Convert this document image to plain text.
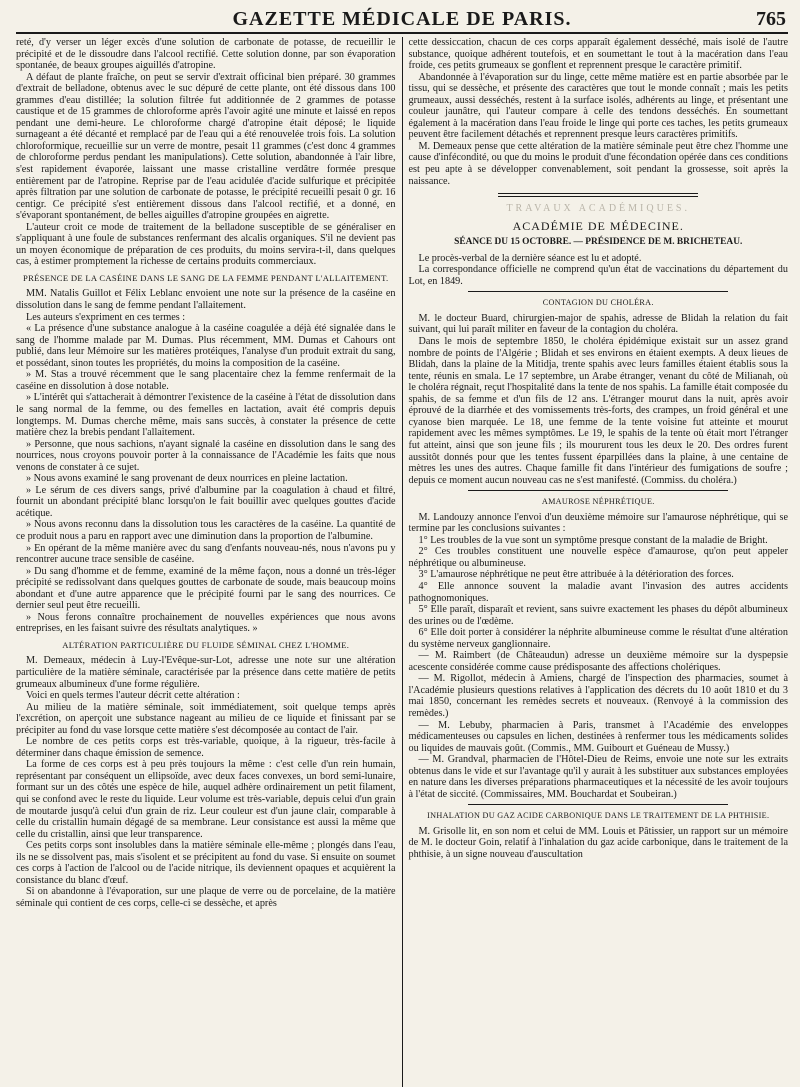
GAZETTE MÉDICALE DE PARIS.	765

reté, d'y verser un léger excès d'une solution de carbonate de potasse, de recueillir le précipité et de le dissoudre dans l'alcool rectifié. Cette solution donne, par son évaporation spontanée, de beaux groupes aiguillés d'atropine.

A défaut de plante fraîche, on peut se servir d'extrait officinal bien préparé. 30 grammes d'extrait de belladone, obtenus avec le suc dépuré de cette plante, ont été dissous dans 100 grammes d'eau distillée; la solution filtrée fut additionnée de 2 grammes de potasse caustique et de 15 grammes de chloroforme après l'avoir agité une minute et laissé en repos pendant une demi-heure. Le chloroforme chargé d'atropine était déposé; le liquide surnageant a été décanté et remplacé par de l'eau qui a été renouvelée trois fois. La solution chloroformique, recueillie sur un verre de montre, pesait 11 grammes (c'est donc 4 grammes de chloroforme perdus pendant les manipulations). Cette solution, abandonnée à l'air libre, s'est rapidement évaporée, laissant une masse cristalline verdâtre formée presque entièrement par de l'atropine. Reprise par de l'eau aciduléе d'acide sulfurique et précipitée après filtration par une solution de carbonate de potasse, le précipité recueilli pesait 0 gr. 16 centigr. Ce précipité s'est entièrement dissous dans l'alcool rectifié, et a donné, en s'évaporant spontanément, de belles aiguilles d'atropine groupées en aigrette.

L'auteur croit ce mode de traitement de la belladone susceptible de se généraliser en s'appliquant à une foule de substances renfermant des alcalis organiques. S'il ne devient pas un moyen économique de préparation de ces produits, du moins servira-t-il, dans quelques cas, à estimer promptement la richesse de certains produits commerciaux.

PRÉSENCE DE LA CASÉINE DANS LE SANG DE LA FEMME PENDANT L'ALLAITEMENT.

MM. Natalis Guillot et Félix Leblanc envoient une note sur la présence de la caséine en dissolution dans le sang de femme pendant l'allaitement.

Les auteurs s'expriment en ces termes :

« La présence d'une substance analogue à la caséine coagulée a déjà été signalée dans le sang de l'homme malade par M. Dumas. Plus récemment, MM. Dumas et Cahours ont publié, dans leur Mémoire sur les matières protéiques, l'analyse d'un produit extrait du sang, et possédant, sinon toutes les propriétés, du moins la composition de la caséine.

» M. Stas a trouvé récemment que le sang placentaire chez la femme renfermait de la caséine en dissolution à dose notable.

» L'intérêt qui s'attacherait à démontrer l'existence de la caséine à l'état de dissolution dans le sang normal de la femme, ou des femelles en lactation, avait été compris depuis longtemps. M. Dumas cherche même, mais sans succès, à constater la présence de cette matière chez la brebis pendant l'allaitement.

» Personne, que nous sachions, n'ayant signalé la caséine en dissolution dans le sang des nourrices, nous croyons pouvoir porter à la connaissance de l'Académie les faits que nous venons de constater à ce sujet.

» Nous avons examiné le sang provenant de deux nourrices en pleine lactation.

» Le sérum de ces divers sangs, privé d'albumine par la coagulation à chaud et filtré, fournit un abondant précipité blanc lorsqu'on le fait bouillir avec quelques gouttes d'acide acétique.

» Nous avons reconnu dans la dissolution tous les caractères de la caséine. La quantité de ce produit nous a paru en rapport avec une diminution dans la proportion de l'albumine.

» En opérant de la même manière avec du sang d'enfants nouveau-nés, nous n'avons pu y rencontrer aucune trace sensible de caséine.

» Du sang d'homme et de femme, examiné de la même façon, nous a donné un très-léger précipité se redissolvant dans quelques gouttes de carbonate de soude, mais beaucoup moins abondant et d'une autre apparence que le précipité fourni par le sang des nourrices. Ce dernier seul peut être recueilli.

» Nous ferons connaître prochainement de nouvelles expériences que nous avons entreprises, en les faisant suivre des résultats analytiques. »

ALTÉRATION PARTICULIÈRE DU FLUIDE SÉMINAL CHEZ L'HOMME.

M. Demeaux, médecin à Luy-l'Evêque-sur-Lot, adresse une note sur une altération particulière de la matière séminale, caractérisée par la présence dans cette matière de petits grumeaux albumineux d'une forme régulière.

Voici en quels termes l'auteur décrit cette altération :

Au milieu de la matière séminale, soit immédiatement, soit quelque temps après l'excrétion, on aperçoit une substance nageant au milieu de ce liquide et finissant par se précipiter au fond du vase lorsque cette matière s'est décomposée au contact de l'air.

Le nombre de ces petits corps est très-variable, quoique, à la rigueur, très-facile à déterminer dans chaque émission de semence.

La forme de ces corps est à peu près toujours la même : c'est celle d'un rein humain, représentant par conséquent un ellipsoïde, avec deux faces convexes, un bord semi-lunaire, formant sur un des côtés une espèce de hile, auquel adhère ordinairement un petit filament, qui se confond avec le reste du liquide. Leur volume est très-variable, depuis celui d'un grain de moutarde jusqu'à celui d'un grain de riz. Leur couleur est d'un jaune clair, comparable à celle du cristallin humain dégagé de sa membrane. Leur consistance est aussi la même que celle du cristallin, ainsi que leur transparence.

Ces petits corps sont insolubles dans la matière séminale elle-même ; plongés dans l'eau, ils ne se dissolvent pas, mais s'isolent et se précipitent au fond du vase. Si ensuite on soumet ces corps à l'action de l'alcool ou de l'acide nitrique, ils deviennent opaques et acquièrent la consistance du blanc d'œuf.

Si on abandonne à l'évaporation, sur une plaque de verre ou de porcelaine, de la matière séminale qui contient de ces corps, celle-ci se dessèche, et après

cette dessiccation, chacun de ces corps apparaît également desséché, mais isolé de l'autre substance, quoique adhérent toutefois, et en soumettant le tout à la macération dans l'eau froide, ces petits grumeaux se gonflent et reprennent presque le caractère primitif.

Abandonnée à l'évaporation sur du linge, cette même matière est en partie absorbée par le tissu, qui se dessèche, et présente des caractères que tout le monde connaît ; mais les petits grumeaux, aussi desséchés, restent à la surface isolés, adhérents au linge, et présentant une couleur jaunâtre, qui l'auteur compare à celle des tendons desséchés. En soumettant également à la macération dans l'eau froide le linge qui porte ces taches, les petits grumeaux peuvent être facilement détachés et reprennent presque leurs caractères primitifs.

M. Demeaux pense que cette altération de la matière séminale peut être chez l'homme une cause d'infécondité, ou que du moins le produit d'une fécondation opérée dans ces conditions est peu apte à se développer convenablement, soit pendant la grossesse, soit après la naissance.

TRAVAUX ACADÉMIQUES.
ACADÉMIE DE MÉDECINE.
SÉANCE DU 15 OCTOBRE. — PRÉSIDENCE DE M. BRICHETEAU.

Le procès-verbal de la dernière séance est lu et adopté.

La correspondance officielle ne comprend qu'un état de vaccinations du département du Lot, en 1849.

CONTAGION DU CHOLÉRA.

M. le docteur Buard, chirurgien-major de spahis, adresse de Blidah la relation du fait suivant, qui lui paraît militer en faveur de la contagion du choléra.

Dans le mois de septembre 1850, le choléra épidémique existait sur un assez grand nombre de points de l'Algérie ; Blidah et ses environs en étaient exempts. A deux lieues de Blidah, dans la plaine de la Mitidja, trente spahis avec leurs familles étaient établis sous la tente, réunis en smala. Le 17 septembre, un Arabe étranger, venant du côté de Milianah, où le choléra régnait, reçut l'hospitalité dans la tente de nos spahis. La famille était composée du spahis, de sa femme et d'un fils de 12 ans. L'étranger mourut dans la nuit, après avoir éprouvé de la diarrhée et des vomissements très-forts, des crampes, un froid général et une cyanose bien marquée. Le 18, une femme de la tente voisine fut atteinte et mourut rapidement avec les mêmes symptômes. Le 19, le spahis de la tente où était mort l'étranger fut atteint, ainsi que son jeune fils ; ils moururent tous les deux le 20. Des ordres furent aussitôt donnés pour que les tentes fussent éparpillées dans la plaine, à une centaine de mètres les unes des autres. Chaque famille fit dans l'intérieur des fumigations de soufre ; depuis ce moment aucun nouveau cas ne s'est manifesté. (Commiss. du choléra.)

AMAUROSE NÉPHRÉTIQUE.

M. Landouzy annonce l'envoi d'un deuxième mémoire sur l'amaurose néphrétique, qui se termine par les conclusions suivantes :

1° Les troubles de la vue sont un symptôme presque constant de la maladie de Bright.

2° Ces troubles constituent une nouvelle espèce d'amaurose, qu'on peut appeler néphrétique ou albumineuse.

3° L'amaurose néphrétique ne peut être attribuée à la détérioration des forces.

4° Elle annonce souvent la maladie avant l'invasion des autres accidents pathognomoniques.

5° Elle paraît, disparaît et revient, sans suivre exactement les phases du dépôt albumineux des urines ou de l'œdème.

6° Elle doit porter à considérer la néphrite albumineuse comme le résultat d'une altération du système nerveux ganglionnaire.

— M. Raimbert (de Châteaudun) adresse un deuxième mémoire sur la dyspepsie acescente considérée comme cause prédisposante des affections cholériques.

— M. Rigollot, médecin à Amiens, chargé de l'inspection des pharmacies, soumet à l'Académie plusieurs questions relatives à l'application des décrets du 10 août 1810 et du 3 mai 1850, concernant les remèdes secrets et nouveaux. (Renvoyé à la commission des remèdes.)

— M. Lebuby, pharmacien à Paris, transmet à l'Académie des enveloppes médicamenteuses ou capsules en lichen, destinées à renfermer tous les médicaments solides ou liquides de mauvais goût. (Commis., MM. Guibourt et Guéneau de Mussy.)

— M. Grandval, pharmacien de l'Hôtel-Dieu de Reims, envoie une note sur les extraits obtenus dans le vide et sur l'avantage qu'il y aurait à les substituer aux substances employées en nature dans les diverses préparations pharmaceutiques et la nécessité de les avoir toujours à l'état de siccité. (Commissaires, MM. Bouchardat et Soubeiran.)

INHALATION DU GAZ ACIDE CARBONIQUE DANS LE TRAITEMENT DE LA PHTHISIE.

M. Grisolle lit, en son nom et celui de MM. Louis et Pâtissier, un rapport sur un mémoire de M. le docteur Goin, relatif à l'inhalation du gaz acide carbonique, dans le traitement de la phthisie, à un signe nouveau d'auscultation
